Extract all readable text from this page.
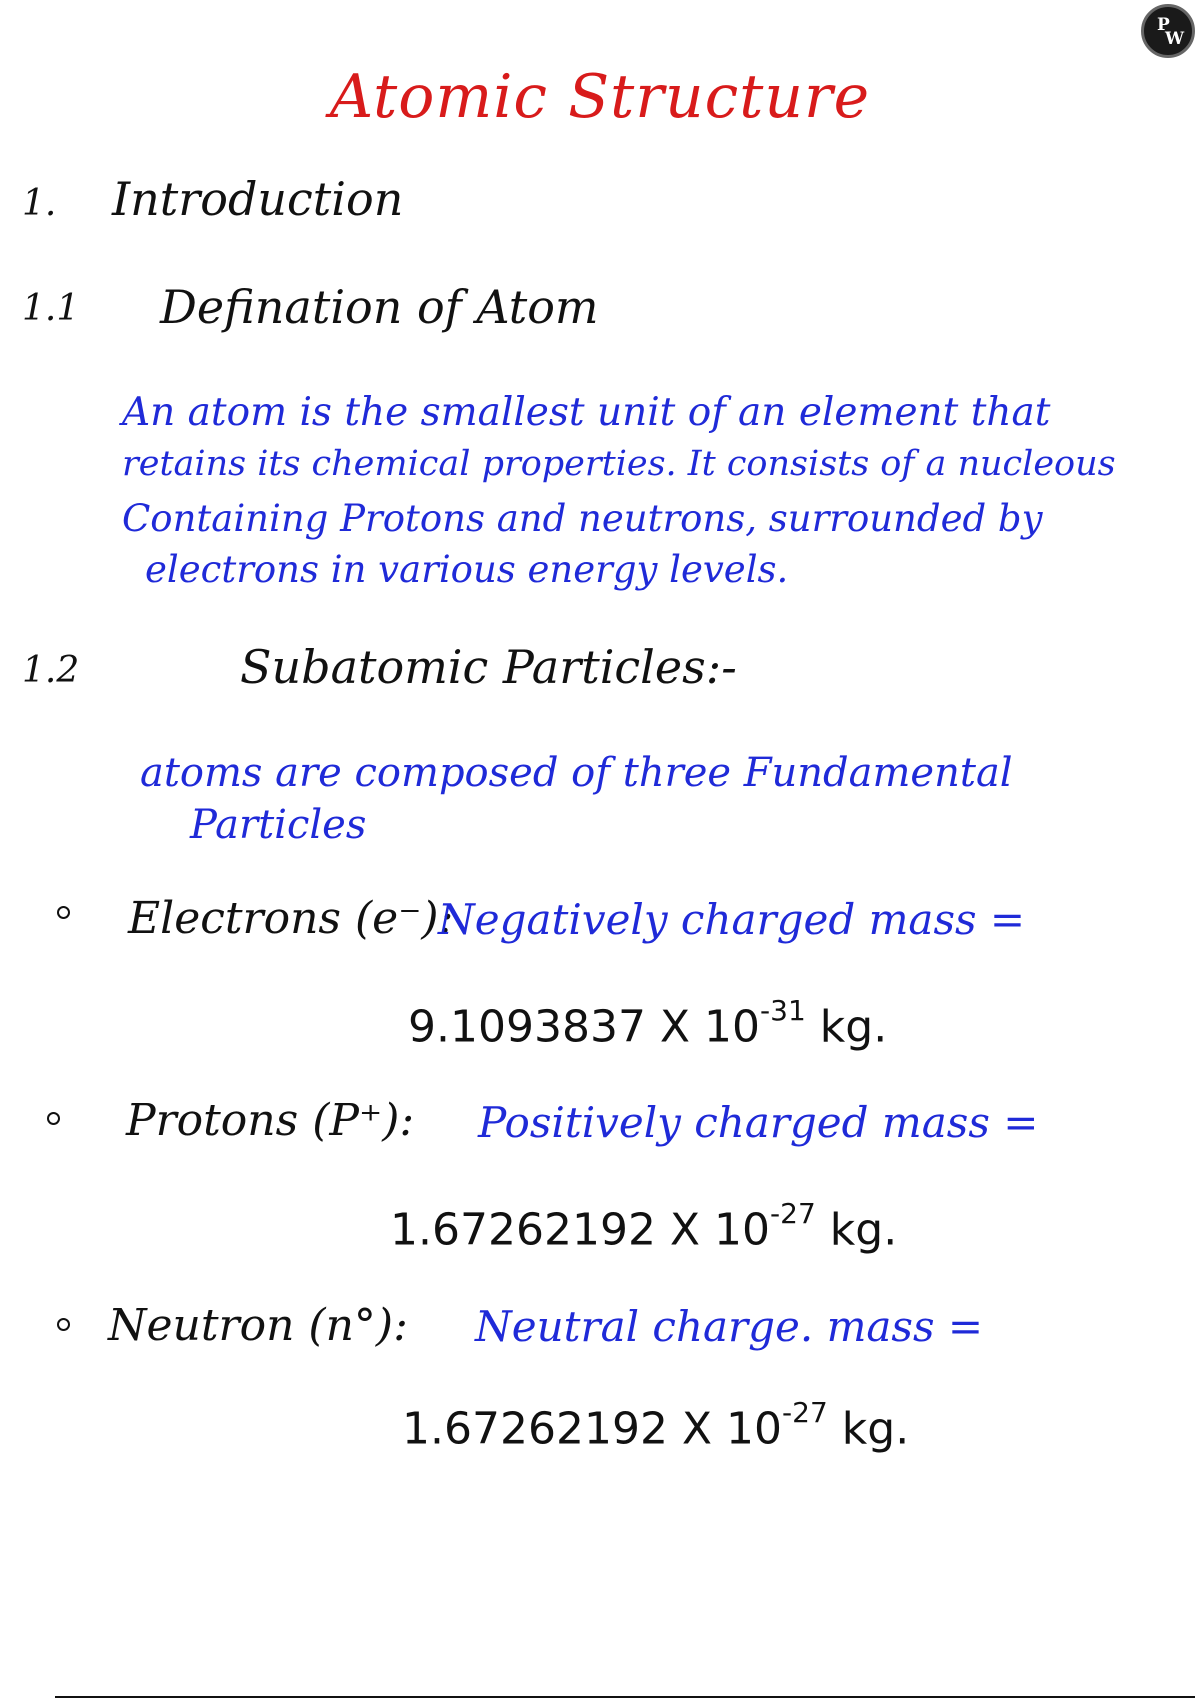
P
W
Atomic Structure
1. Introduction
1.1 Defination of Atom
An atom is the smallest unit of an element that
retains its chemical properties. It consists of a nucleous
Containing Protons and neutrons, surrounded by
electrons in various energy levels.
1.2	Subatomic Particles:-
atoms are composed of three Fundamental
Particles
Electrons (e⁻):
Negatively charged mass =
9.1093837 X $10^{-31}$ kg.
Protons (P⁺): Positively charged mass =
1.67262192 X $10^{-27}$ kg.
Neutron (n°): Neutral charge. mass =
1.67262192 X $10^{-27}$ kg.
